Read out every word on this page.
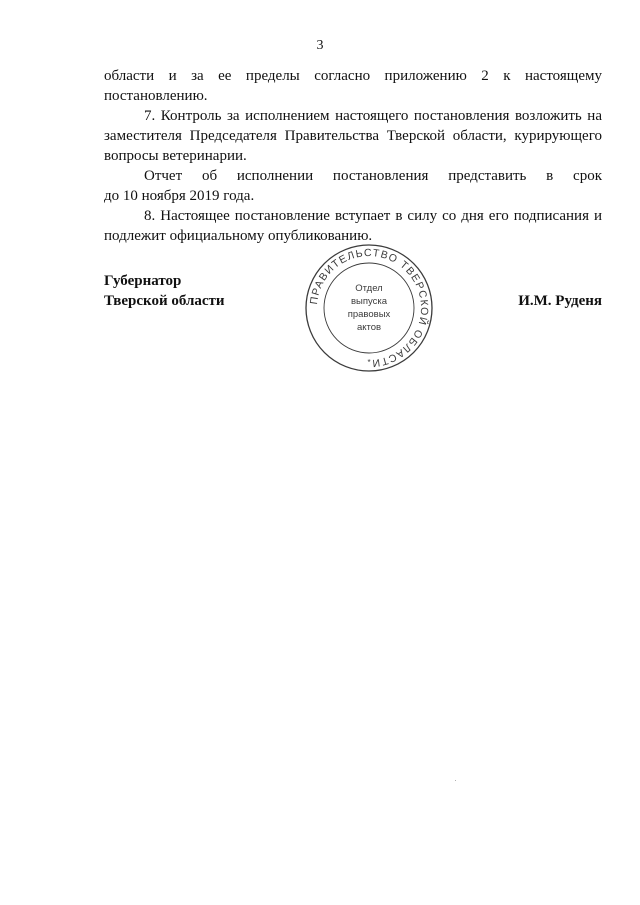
3

области и за ее пределы согласно приложению 2 к настоящему

постановлению.

7. Контроль за исполнением настоящего постановления возложить на заместителя Председателя Правительства Тверской области, курирующего вопросы ветеринарии.

Отчет об исполнении постановления представить в срок

до 10 ноября 2019 года.

8. Настоящее постановление вступает в силу со дня его подписания и подлежит официальному опубликованию.

Губернатор
Тверской области	ПРАВИТЕЛЬСТВО ТВЕРСКОЙ ОБЛАСТИ
Отдел
выпуска
правовых
актов
*
И.М. Руденя
